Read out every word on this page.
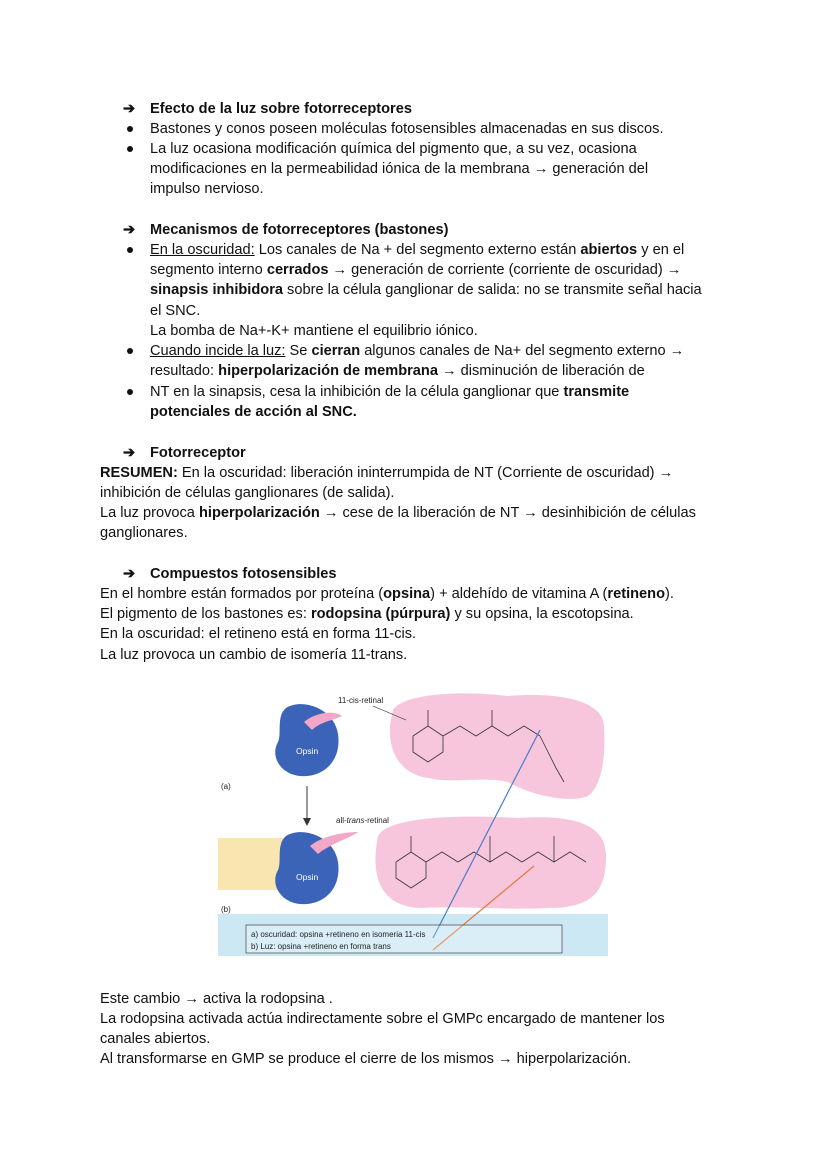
➔ Efecto de la luz sobre fotorreceptores
Bastones y conos poseen moléculas fotosensibles almacenadas en sus discos.
La luz ocasiona modificación química del pigmento que, a su vez, ocasiona modificaciones en la permeabilidad iónica de la membrana → generación del impulso nervioso.
➔ Mecanismos de fotorreceptores (bastones)
En la oscuridad: Los canales de Na + del segmento externo están abiertos y en el segmento interno cerrados → generación de corriente (corriente de oscuridad) → sinapsis inhibidora sobre la célula ganglionar de salida: no se transmite señal hacia el SNC.
La bomba de Na+-K+ mantiene el equilibrio iónico.
Cuando incide la luz: Se cierran algunos canales de Na+ del segmento externo → resultado: hiperpolarización de membrana → disminución de liberación de
NT en la sinapsis, cesa la inhibición de la célula ganglionar que transmite potenciales de acción al SNC.
➔ Fotorreceptor
RESUMEN: En la oscuridad: liberación ininterrumpida de NT (Corriente de oscuridad) → inhibición de células ganglionares (de salida).
La luz provoca hiperpolarización → cese de la liberación de NT → desinhibición de células ganglionares.
➔ Compuestos fotosensibles
En el hombre están formados por proteína (opsina) + aldehído de vitamina A (retineno).
El pigmento de los bastones es: rodopsina (púrpura) y su opsina, la escotopsina.
En la oscuridad: el retineno está en forma 11-cis.
La luz provoca un cambio de isomería 11-trans.
11-cis-retinal
all-trans-retinal
Opsin
Opsin
(a)
(b)
a) oscuridad: opsina +retineno en isomeria 11-cis
b) Luz: opsina +retineno en forma trans
Este cambio → activa la rodopsina .
La rodopsina activada actúa indirectamente sobre el GMPc encargado de mantener los canales abiertos.
Al transformarse en GMP se produce el cierre de los mismos → hiperpolarización.
